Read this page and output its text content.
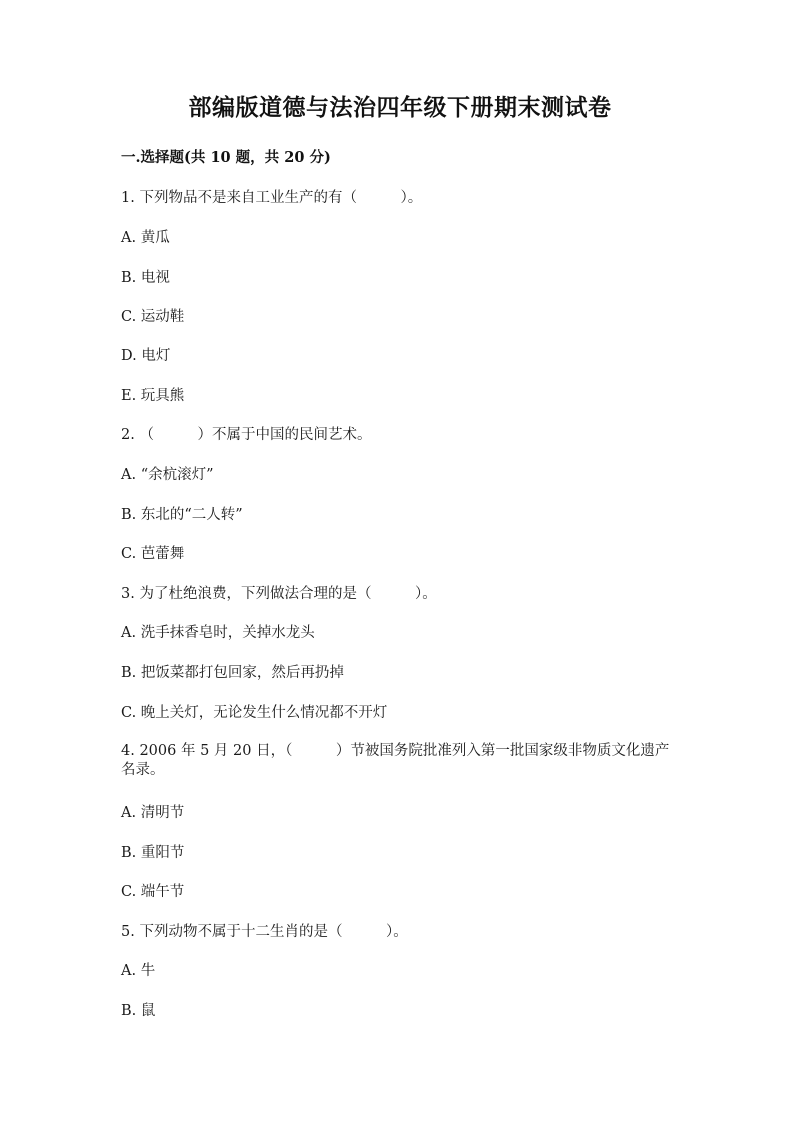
部编版道德与法治四年级下册期末测试卷
一.选择题(共 10 题，共 20 分)
1. 下列物品不是来自工业生产的有（　　　）。
A. 黄瓜
B. 电视
C. 运动鞋
D. 电灯
E. 玩具熊
2. （　　　）不属于中国的民间艺术。
A. “余杭滚灯”
B. 东北的“二人转”
C. 芭蕾舞
3. 为了杜绝浪费，下列做法合理的是（　　　）。
A. 洗手抹香皂时，关掉水龙头
B. 把饭菜都打包回家，然后再扔掉
C. 晚上关灯，无论发生什么情况都不开灯
4. 2006 年 5 月 20 日，（　　　）节被国务院批准列入第一批国家级非物质文化遗产名录。
A. 清明节
B. 重阳节
C. 端午节
5. 下列动物不属于十二生肖的是（　　　）。
A. 牛
B. 鼠
